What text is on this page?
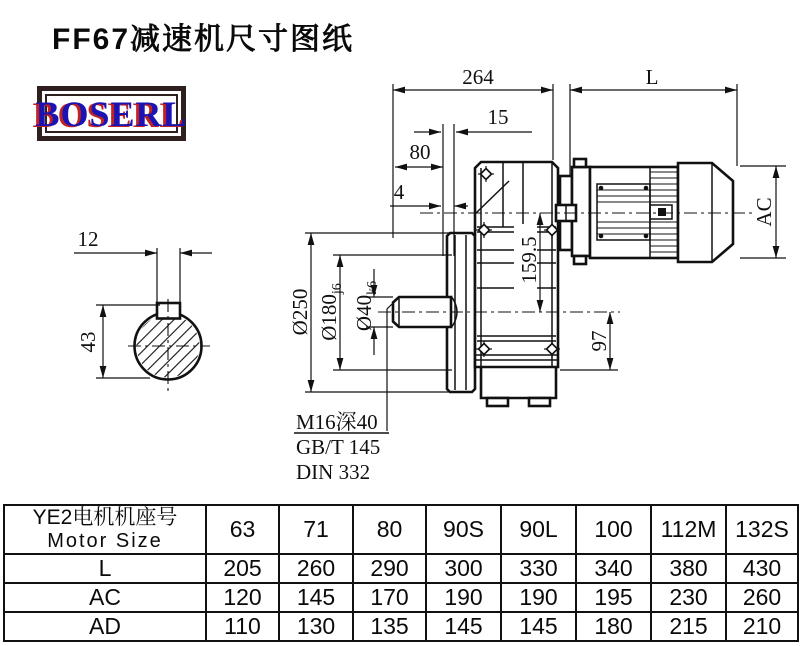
FF67减速机尺寸图纸
BOSERL
12
43
264	L
15
80
4
Ø250 $Ø180_{j6}$
$Ø40_{k6}$
159.5
97
AC
M16深40
GB/T 145
DIN 332
YE2电机机座号
Motor Size	63	71	80	90S	90L	100	112M	132S
L	205	260	290	300	330	340	380	430
AC	120	145	170	190	190	195	230	260
AD	110	130	135	145	145	180	215	210
